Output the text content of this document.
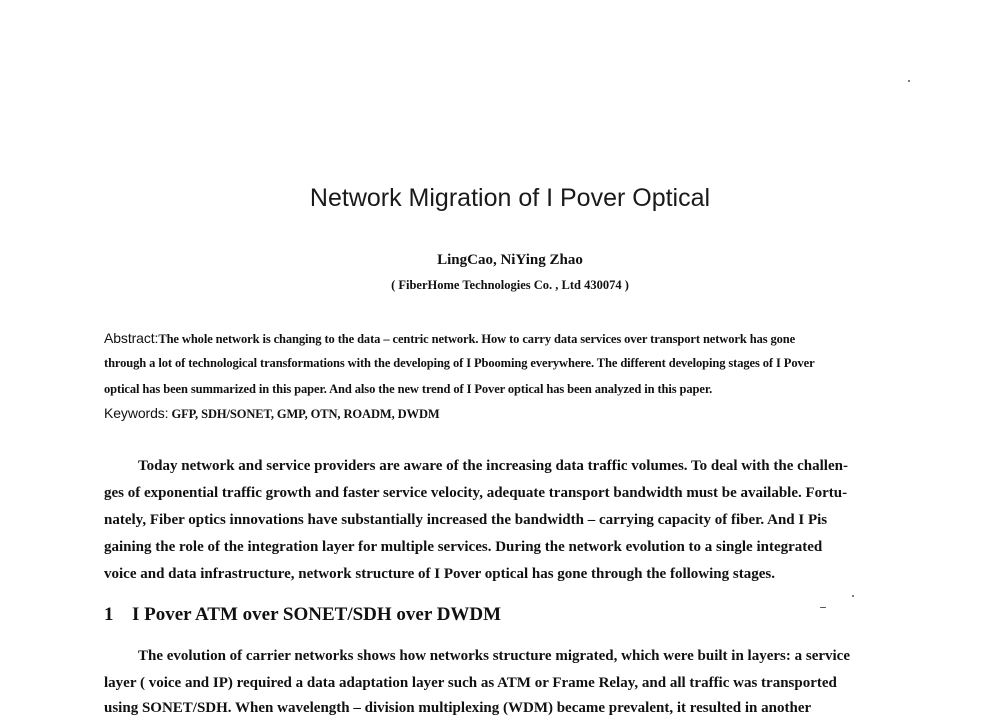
Network Migration of I Pover Optical
LingCao, NiYing Zhao
( FiberHome Technologies Co. , Ltd 430074 )
Abstract:The whole network is changing to the data – centric network. How to carry data services over transport network has gone
through a lot of technological transformations with the developing of I Pbooming everywhere. The different developing stages of I Pover
optical has been summarized in this paper. And also the new trend of I Pover optical has been analyzed in this paper.
Keywords: GFP, SDH/SONET, GMP, OTN, ROADM, DWDM
Today network and service providers are aware of the increasing data traffic volumes. To deal with the challen-
ges of exponential traffic growth and faster service velocity, adequate transport bandwidth must be available. Fortu-
nately, Fiber optics innovations have substantially increased the bandwidth – carrying capacity of fiber. And I Pis
gaining the role of the integration layer for multiple services. During the network evolution to a single integrated
voice and data infrastructure, network structure of I Pover optical has gone through the following stages.
1 I Pover ATM over SONET/SDH over DWDM
The evolution of carrier networks shows how networks structure migrated, which were built in layers: a service
layer ( voice and IP) required a data adaptation layer such as ATM or Frame Relay, and all traffic was transported
using SONET/SDH. When wavelength – division multiplexing (WDM) became prevalent, it resulted in another
